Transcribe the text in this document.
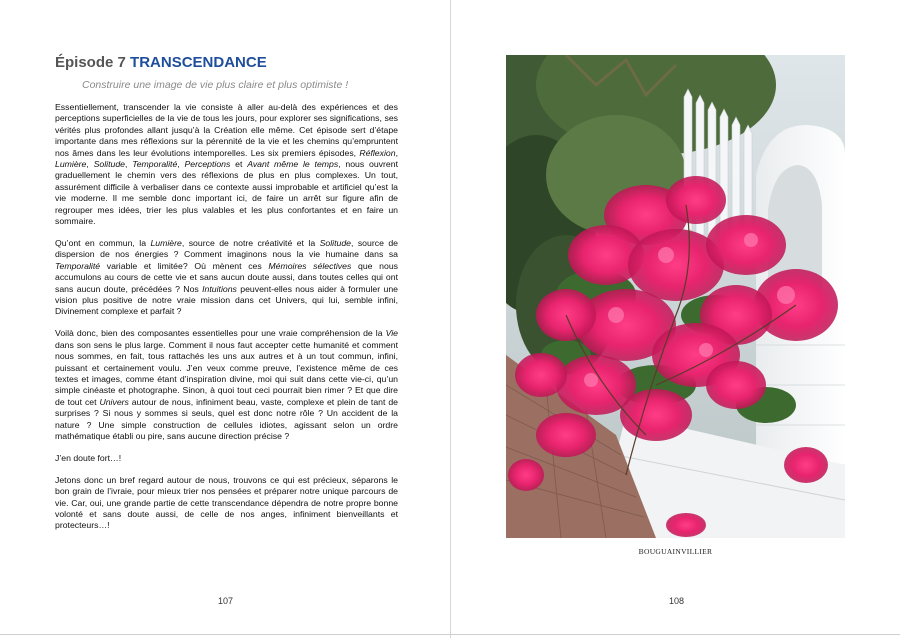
Épisode 7 TRANSCENDANCE

Construire une image de vie plus claire et plus optimiste !

Essentiellement, transcender la vie consiste à aller au-delà des expériences et des perceptions superficielles de la vie de tous les jours, pour explorer ses significations, ses vérités plus profondes allant jusqu’à la Création elle même. Cet épisode sert d’étape importante dans mes réflexions sur la pérennité de la vie et les chemins qu’empruntent nos âmes dans les leur évolutions intemporelles. Les six premiers épisodes, Réflexion, Lumière, Solitude, Temporalité, Perceptions et Avant même le temps, nous ouvrent graduellement le chemin vers des réflexions de plus en plus complexes. Un tout, assurément difficile à verbaliser dans ce contexte aussi improbable et artificiel qu’est la vie moderne. Il me semble donc important ici, de faire un arrêt sur figure afin de regrouper mes idées, trier les plus valables et les plus confortantes et en faire un sommaire.

Qu’ont en commun, la Lumière, source de notre créativité et la Solitude, source de dispersion de nos énergies ? Comment imaginons nous la vie humaine dans sa Temporalité variable et limitée? Où mènent ces Mémoires sélectives que nous accumulons au cours de cette vie et sans aucun doute aussi, dans toutes celles qui ont sans aucun doute, précédées ? Nos Intuitions peuvent-elles nous aider à formuler une vision plus positive de notre vraie mission dans cet Univers, qui lui, semble infini, Divinement complexe et parfait ?

Voilà donc, bien des composantes essentielles pour une vraie compréhension de la Vie dans son sens le plus large. Comment il nous faut accepter cette humanité et comment nous sommes, en fait, tous rattachés les uns aux autres et à un tout commun, infini, puissant et certainement voulu. J’en veux comme preuve, l’existence même de ces textes et images, comme étant d’inspiration divine, moi qui suit dans cette vie-ci, qu’un simple cinéaste et photographe. Sinon, à quoi tout ceci pourrait bien rimer ? Et que dire de tout cet Univers autour de nous, infiniment beau, vaste, complexe et plein de tant de surprises ? Si nous y sommes si seuls, quel est donc notre rôle ? Un accident de la nature ? Une simple construction de cellules idiotes, agissant selon un ordre mathématique établi ou pire, sans aucune direction précise ?

J’en doute fort…!

Jetons donc un bref regard autour de nous, trouvons ce qui est précieux, séparons le bon grain de l’ivraie, pour mieux trier nos pensées et préparer notre unique parcours de vie. Car, oui, une grande partie de cette transcendance dépendra de notre propre bonne volonté et sans doute aussi, de celle de nos anges, infiniment bienveillants et protecteurs…!

107
BOUGUAINVILLIER
108
